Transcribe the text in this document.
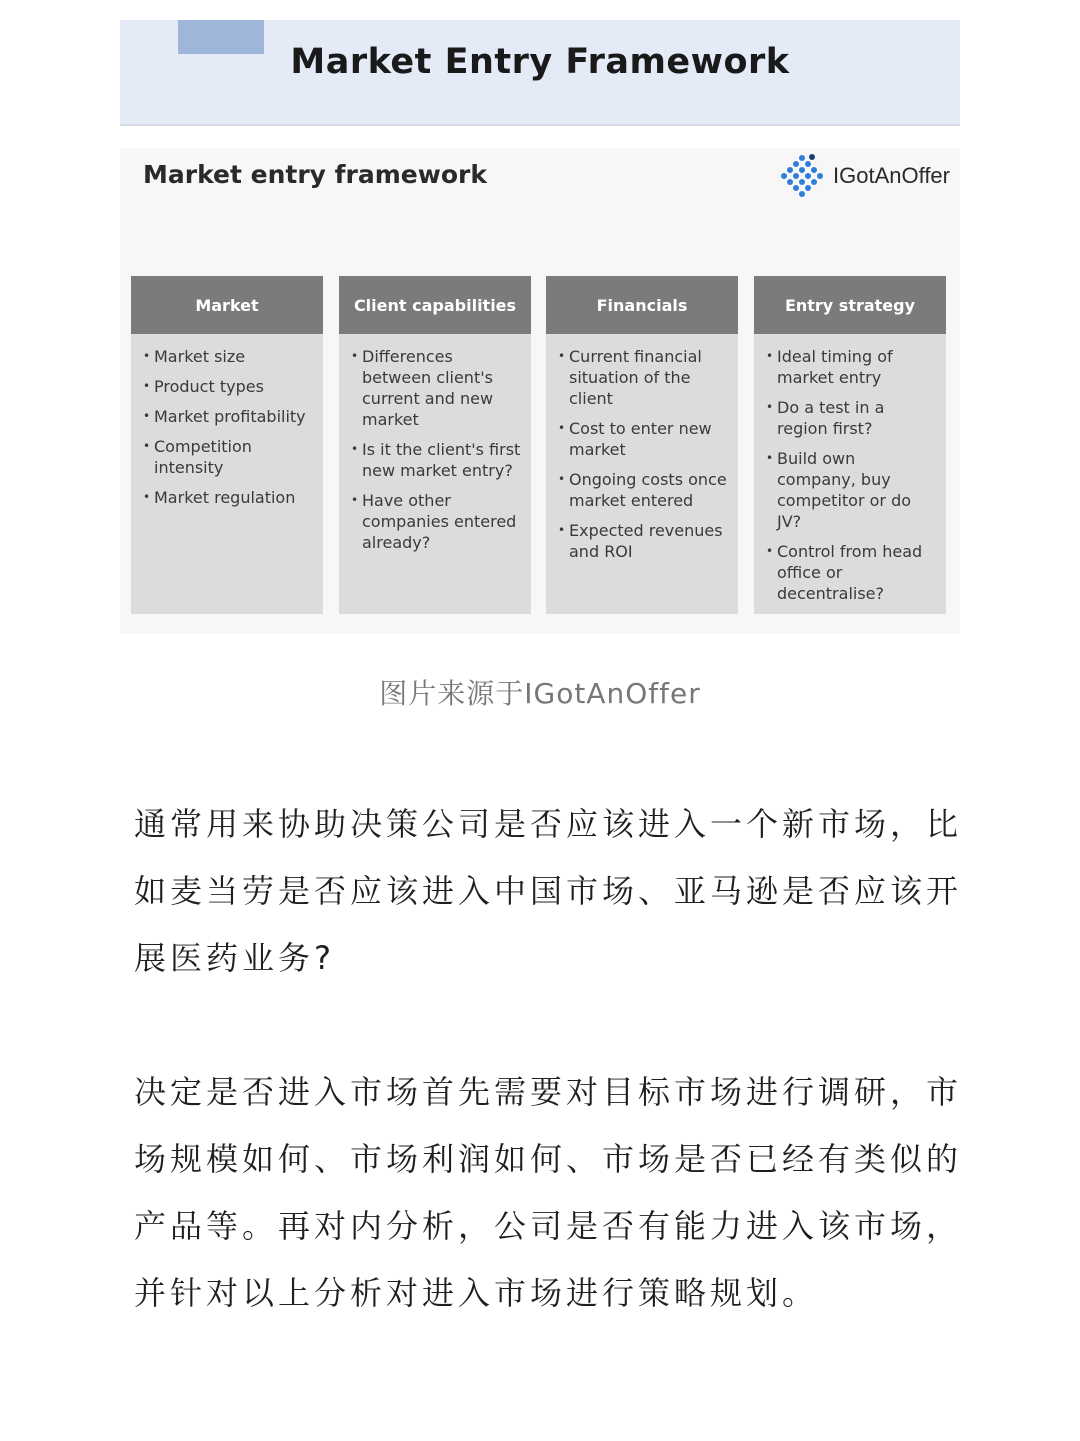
Market Entry Framework
Market entry framework	IGotAnOffer
Market
• Market size
• Product types
• Market profitability
• Competition intensity
• Market regulation
Client capabilities
• Differences between client's current and new market
• Is it the client's first new market entry?
• Have other companies entered already?
Financials
• Current financial situation of the client
• Cost to enter new market
• Ongoing costs once market entered
• Expected revenues and ROI
Entry strategy
• Ideal timing of market entry
• Do a test in a region first?
• Build own company, buy competitor or do JV?
• Control from head office or decentralise?
图片来源于IGotAnOffer

通常用来协助决策公司是否应该进入一个新市场，比如麦当劳是否应该进入中国市场、亚马逊是否应该开展医药业务?

决定是否进入市场首先需要对目标市场进行调研，市场规模如何、市场利润如何、市场是否已经有类似的产品等。再对内分析，公司是否有能力进入该市场，并针对以上分析对进入市场进行策略规划。
